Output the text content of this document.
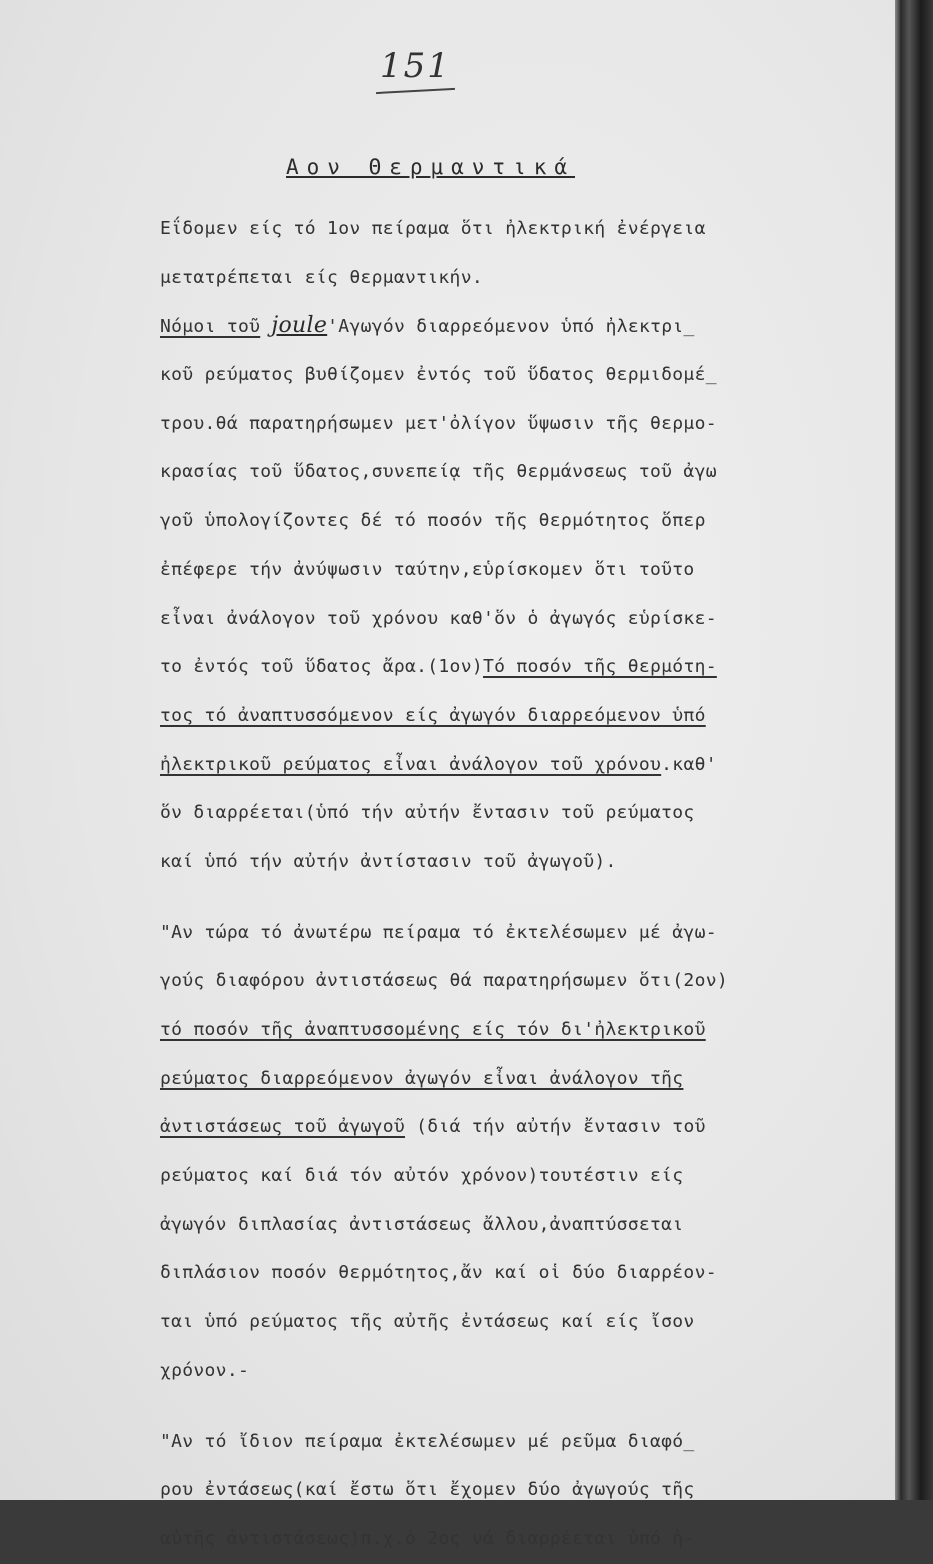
151
Αον Θερμαντικά
Εΐδομεν είς τό 1ον πείραμα ὅτι ἠλεκτρική ἐνέργεια
μετατρέπεται είς θερμαντικήν.
Νόμοι τοῦ joule'Αγωγόν διαρρεόμενον ὑπό ἠλεκτρι_
κοῦ ρεύματος βυθίζομεν ἐντός τοῦ ὕδατος θερμιδομέ_
τρου.θά παρατηρήσωμεν μετ'ὀλίγον ὕψωσιν τῆς θερμο-
κρασίας τοῦ ὕδατος,συνεπείᾳ τῆς θερμάνσεως τοῦ ἀγω
γοῦ ὑπολογίζοντες δέ τό ποσόν τῆς θερμότητος ὅπερ
ἐπέφερε τήν ἀνύψωσιν ταύτην,εὑρίσκομεν ὅτι τοῦτο
εἶναι ἀνάλογον τοῦ χρόνου καθ'ὅν ὁ ἀγωγός εὑρίσκε-
το ἐντός τοῦ ὕδατος ἄρα.(1ον)Τό ποσόν τῆς θερμότη-
τος τό ἀναπτυσσόμενον είς ἀγωγόν διαρρεόμενον ὑπό
ἠλεκτρικοῦ ρεύματος εἶναι ἀνάλογον τοῦ χρόνου.καθ'
ὅν διαρρέεται(ὑπό τήν αὐτήν ἔντασιν τοῦ ρεύματος
καί ὑπό τήν αὐτήν ἀντίστασιν τοῦ ἀγωγοῦ).
"Αν τώρα τό ἀνωτέρω πείραμα τό ἐκτελέσωμεν μέ ἀγω-
γούς διαφόρου ἀντιστάσεως θά παρατηρήσωμεν ὅτι(2ον)
τό ποσόν τῆς ἀναπτυσσομένης είς τόν δι'ἠλεκτρικοῦ
ρεύματος διαρρεόμενον ἀγωγόν εἶναι ἀνάλογον τῆς
ἀντιστάσεως τοῦ ἀγωγοῦ (διά τήν αὐτήν ἔντασιν τοῦ
ρεύματος καί διά τόν αὐτόν χρόνον)τουτέστιν είς
ἀγωγόν διπλασίας ἀντιστάσεως ἄλλου,ἀναπτύσσεται
διπλάσιον ποσόν θερμότητος,ἄν καί οἱ δύο διαρρέον-
ται ὑπό ρεύματος τῆς αὐτῆς ἐντάσεως καί είς ἴσον
χρόνον.-
"Αν τό ἴδιον πείραμα ἐκτελέσωμεν μέ ρεῦμα διαφό_
ρου ἐντάσεως(καί ἔστω ὅτι ἔχομεν δύο ἀγωγούς τῆς
αὐτῆς ἀντιστάσεως)π.χ.ὁ 2ος νά διαρρέεται ὑπό ἠ-
